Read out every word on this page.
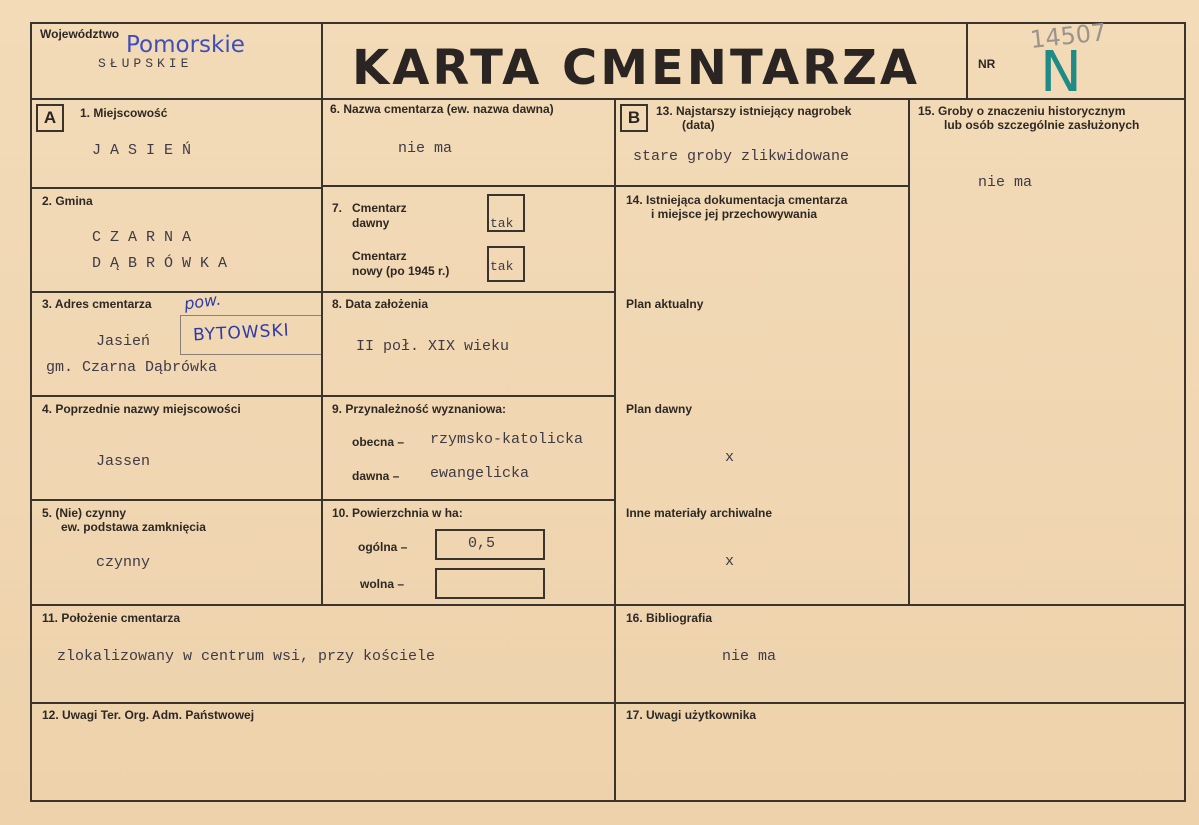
Województwo Pomorskie
SŁUPSKIE	KARTA CMENTARZA	NR
14507
N
A	1. Miejscowość
JASIEŃ
2. Gmina
CZARNA
DĄBRÓWKA
3. Adres cmentarza pow.
BYTOWSKI
Jasień
gm. Czarna Dąbrówka
4. Poprzednie nazwy miejscowości
Jassen
5. (Nie) czynny
ew. podstawa zamknięcia
czynny
6. Nazwa cmentarza (ew. nazwa dawna)
nie ma
7. Cmentarz
dawny	tak
Cmentarz
nowy (po 1945 r.)	tak
8. Data założenia
II poł. XIX wieku
9. Przynależność wyznaniowa:
obecna – rzymsko-katolicka
dawna – ewangelicka
10. Powierzchnia w ha:
ogólna –	0,5
wolna –
B	13. Najstarszy istniejący nagrobek
(data)
stare groby zlikwidowane
14. Istniejąca dokumentacja cmentarza
i miejsce jej przechowywania
Plan aktualny
Plan dawny
x
Inne materiały archiwalne
x
15. Groby o znaczeniu historycznym
lub osób szczególnie zasłużonych
nie ma
11. Położenie cmentarza
zlokalizowany w centrum wsi, przy kościele
16. Bibliografia
nie ma
12. Uwagi Ter. Org. Adm. Państwowej	17. Uwagi użytkownika
